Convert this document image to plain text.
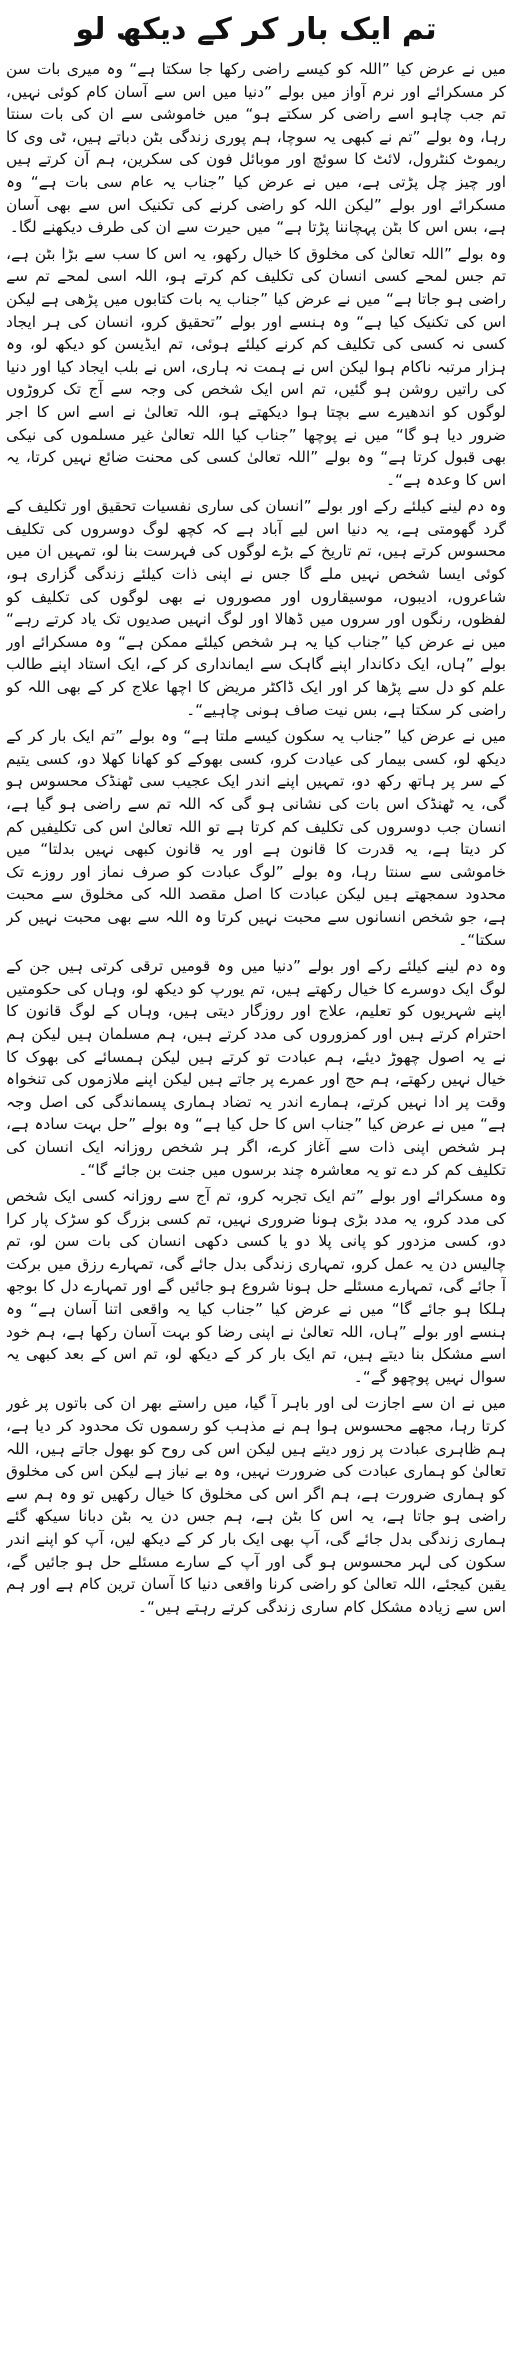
تم ایک بار کر کے دیکھ لو

میں نے عرض کیا ”اللہ کو کیسے راضی رکھا جا سکتا ہے“ وہ میری بات سن کر مسکرائے اور نرم آواز میں بولے ”دنیا میں اس سے آسان کام کوئی نہیں، تم جب چاہو اسے راضی کر سکتے ہو“ میں خاموشی سے ان کی بات سنتا رہا، وہ بولے ”تم نے کبھی یہ سوچا، ہم پوری زندگی بٹن دباتے ہیں، ٹی وی کا ریموٹ کنٹرول، لائٹ کا سوئچ اور موبائل فون کی سکرین، ہم آن کرتے ہیں اور چیز چل پڑتی ہے، میں نے عرض کیا ”جناب یہ عام سی بات ہے“ وہ مسکرائے اور بولے ”لیکن اللہ کو راضی کرنے کی تکنیک اس سے بھی آسان ہے، بس اس کا بٹن پہچاننا پڑتا ہے“ میں حیرت سے ان کی طرف دیکھنے لگا۔

وہ بولے ”اللہ تعالیٰ کی مخلوق کا خیال رکھو، یہ اس کا سب سے بڑا بٹن ہے، تم جس لمحے کسی انسان کی تکلیف کم کرتے ہو، اللہ اسی لمحے تم سے راضی ہو جاتا ہے“ میں نے عرض کیا ”جناب یہ بات کتابوں میں پڑھی ہے لیکن اس کی تکنیک کیا ہے“ وہ ہنسے اور بولے ”تحقیق کرو، انسان کی ہر ایجاد کسی نہ کسی کی تکلیف کم کرنے کیلئے ہوئی، تم ایڈیسن کو دیکھ لو، وہ ہزار مرتبہ ناکام ہوا لیکن اس نے ہمت نہ ہاری، اس نے بلب ایجاد کیا اور دنیا کی راتیں روشن ہو گئیں، تم اس ایک شخص کی وجہ سے آج تک کروڑوں لوگوں کو اندھیرے سے بچتا ہوا دیکھتے ہو، اللہ تعالیٰ نے اسے اس کا اجر ضرور دیا ہو گا“ میں نے پوچھا ”جناب کیا اللہ تعالیٰ غیر مسلموں کی نیکی بھی قبول کرتا ہے“ وہ بولے ”اللہ تعالیٰ کسی کی محنت ضائع نہیں کرتا، یہ اس کا وعدہ ہے“۔

وہ دم لینے کیلئے رکے اور بولے ”انسان کی ساری نفسیات تحقیق اور تکلیف کے گرد گھومتی ہے، یہ دنیا اس لیے آباد ہے کہ کچھ لوگ دوسروں کی تکلیف محسوس کرتے ہیں، تم تاریخ کے بڑے لوگوں کی فہرست بنا لو، تمہیں ان میں کوئی ایسا شخص نہیں ملے گا جس نے اپنی ذات کیلئے زندگی گزاری ہو، شاعروں، ادیبوں، موسیقاروں اور مصوروں نے بھی لوگوں کی تکلیف کو لفظوں، رنگوں اور سروں میں ڈھالا اور لوگ انہیں صدیوں تک یاد کرتے رہے“ میں نے عرض کیا ”جناب کیا یہ ہر شخص کیلئے ممکن ہے“ وہ مسکرائے اور بولے ”ہاں، ایک دکاندار اپنے گاہک سے ایمانداری کر کے، ایک استاد اپنے طالب علم کو دل سے پڑھا کر اور ایک ڈاکٹر مریض کا اچھا علاج کر کے بھی اللہ کو راضی کر سکتا ہے، بس نیت صاف ہونی چاہیے“۔

میں نے عرض کیا ”جناب یہ سکون کیسے ملتا ہے“ وہ بولے ”تم ایک بار کر کے دیکھ لو، کسی بیمار کی عیادت کرو، کسی بھوکے کو کھانا کھلا دو، کسی یتیم کے سر پر ہاتھ رکھ دو، تمہیں اپنے اندر ایک عجیب سی ٹھنڈک محسوس ہو گی، یہ ٹھنڈک اس بات کی نشانی ہو گی کہ اللہ تم سے راضی ہو گیا ہے، انسان جب دوسروں کی تکلیف کم کرتا ہے تو اللہ تعالیٰ اس کی تکلیفیں کم کر دیتا ہے، یہ قدرت کا قانون ہے اور یہ قانون کبھی نہیں بدلتا“ میں خاموشی سے سنتا رہا، وہ بولے ”لوگ عبادت کو صرف نماز اور روزے تک محدود سمجھتے ہیں لیکن عبادت کا اصل مقصد اللہ کی مخلوق سے محبت ہے، جو شخص انسانوں سے محبت نہیں کرتا وہ اللہ سے بھی محبت نہیں کر سکتا“۔

وہ دم لینے کیلئے رکے اور بولے ”دنیا میں وہ قومیں ترقی کرتی ہیں جن کے لوگ ایک دوسرے کا خیال رکھتے ہیں، تم یورپ کو دیکھ لو، وہاں کی حکومتیں اپنے شہریوں کو تعلیم، علاج اور روزگار دیتی ہیں، وہاں کے لوگ قانون کا احترام کرتے ہیں اور کمزوروں کی مدد کرتے ہیں، ہم مسلمان ہیں لیکن ہم نے یہ اصول چھوڑ دیئے، ہم عبادت تو کرتے ہیں لیکن ہمسائے کی بھوک کا خیال نہیں رکھتے، ہم حج اور عمرے پر جاتے ہیں لیکن اپنے ملازموں کی تنخواہ وقت پر ادا نہیں کرتے، ہمارے اندر یہ تضاد ہماری پسماندگی کی اصل وجہ ہے“ میں نے عرض کیا ”جناب اس کا حل کیا ہے“ وہ بولے ”حل بہت سادہ ہے، ہر شخص اپنی ذات سے آغاز کرے، اگر ہر شخص روزانہ ایک انسان کی تکلیف کم کر دے تو یہ معاشرہ چند برسوں میں جنت بن جائے گا“۔

وہ مسکرائے اور بولے ”تم ایک تجربہ کرو، تم آج سے روزانہ کسی ایک شخص کی مدد کرو، یہ مدد بڑی ہونا ضروری نہیں، تم کسی بزرگ کو سڑک پار کرا دو، کسی مزدور کو پانی پلا دو یا کسی دکھی انسان کی بات سن لو، تم چالیس دن یہ عمل کرو، تمہاری زندگی بدل جائے گی، تمہارے رزق میں برکت آ جائے گی، تمہارے مسئلے حل ہونا شروع ہو جائیں گے اور تمہارے دل کا بوجھ ہلکا ہو جائے گا“ میں نے عرض کیا ”جناب کیا یہ واقعی اتنا آسان ہے“ وہ ہنسے اور بولے ”ہاں، اللہ تعالیٰ نے اپنی رضا کو بہت آسان رکھا ہے، ہم خود اسے مشکل بنا دیتے ہیں، تم ایک بار کر کے دیکھ لو، تم اس کے بعد کبھی یہ سوال نہیں پوچھو گے“۔

میں نے ان سے اجازت لی اور باہر آ گیا، میں راستے بھر ان کی باتوں پر غور کرتا رہا، مجھے محسوس ہوا ہم نے مذہب کو رسموں تک محدود کر دیا ہے، ہم ظاہری عبادت پر زور دیتے ہیں لیکن اس کی روح کو بھول جاتے ہیں، اللہ تعالیٰ کو ہماری عبادت کی ضرورت نہیں، وہ بے نیاز ہے لیکن اس کی مخلوق کو ہماری ضرورت ہے، ہم اگر اس کی مخلوق کا خیال رکھیں تو وہ ہم سے راضی ہو جاتا ہے، یہ اس کا بٹن ہے، ہم جس دن یہ بٹن دبانا سیکھ گئے ہماری زندگی بدل جائے گی، آپ بھی ایک بار کر کے دیکھ لیں، آپ کو اپنے اندر سکون کی لہر محسوس ہو گی اور آپ کے سارے مسئلے حل ہو جائیں گے، یقین کیجئے، اللہ تعالیٰ کو راضی کرنا واقعی دنیا کا آسان ترین کام ہے اور ہم اس سے زیادہ مشکل کام ساری زندگی کرتے رہتے ہیں“۔
